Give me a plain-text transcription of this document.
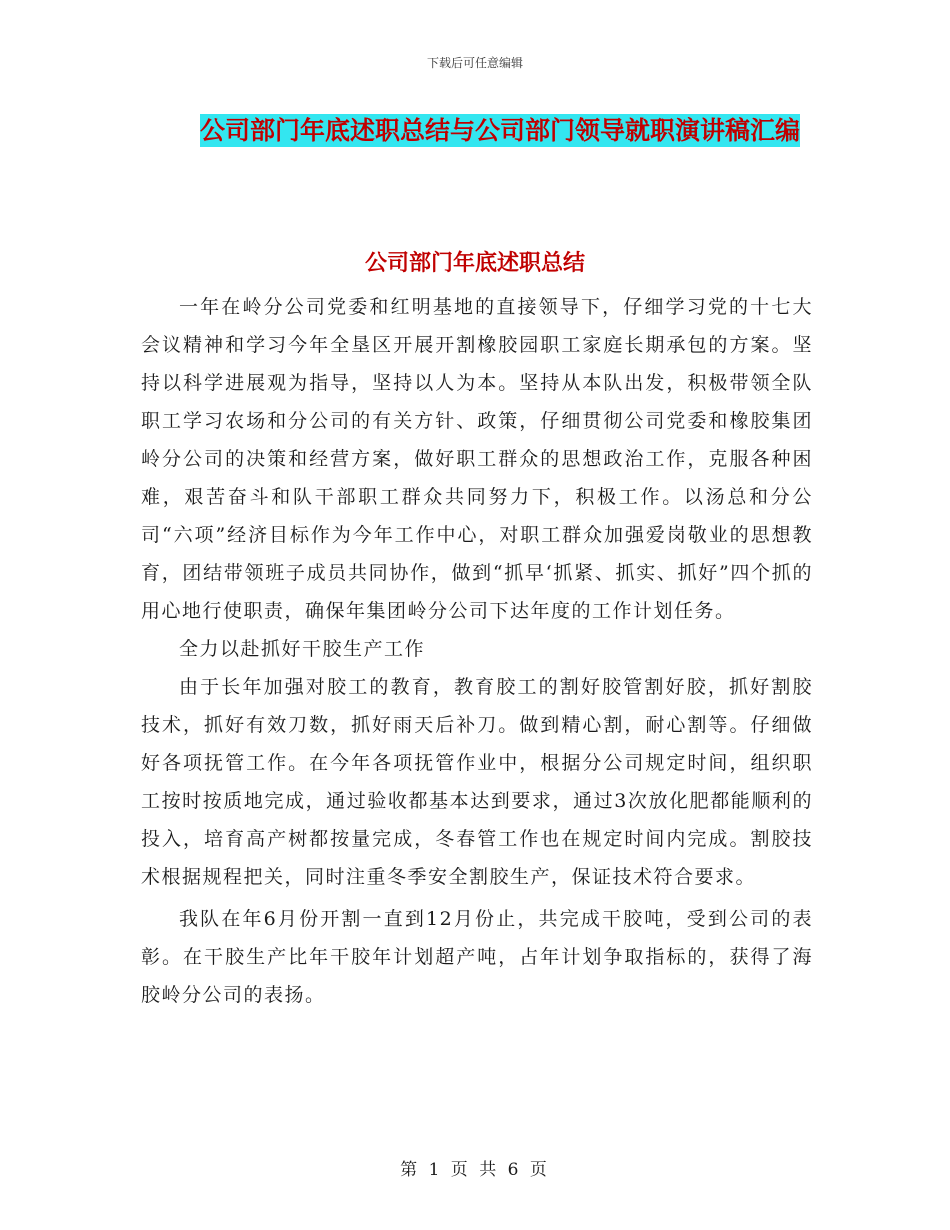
下载后可任意编辑
公司部门年底述职总结与公司部门领导就职演讲稿汇编
公司部门年底述职总结

一年在岭分公司党委和红明基地的直接领导下，仔细学习党的十七大会议精神和学习今年全垦区开展开割橡胶园职工家庭长期承包的方案。坚持以科学进展观为指导，坚持以人为本。坚持从本队出发，积极带领全队职工学习农场和分公司的有关方针、政策，仔细贯彻公司党委和橡胶集团岭分公司的决策和经营方案，做好职工群众的思想政治工作，克服各种困难，艰苦奋斗和队干部职工群众共同努力下，积极工作。以汤总和分公司“六项”经济目标作为今年工作中心，对职工群众加强爱岗敬业的思想教育，团结带领班子成员共同协作，做到“抓早‘抓紧、抓实、抓好”四个抓的用心地行使职责，确保年集团岭分公司下达年度的工作计划任务。

全力以赴抓好干胶生产工作

由于长年加强对胶工的教育，教育胶工的割好胶管割好胶，抓好割胶技术，抓好有效刀数，抓好雨天后补刀。做到精心割，耐心割等。仔细做好各项抚管工作。在今年各项抚管作业中，根据分公司规定时间，组织职工按时按质地完成，通过验收都基本达到要求，通过3次放化肥都能顺利的投入，培育高产树都按量完成，冬春管工作也在规定时间内完成。割胶技术根据规程把关，同时注重冬季安全割胶生产，保证技术符合要求。

我队在年6月份开割一直到12月份止，共完成干胶吨，受到公司的表彰。在干胶生产比年干胶年计划超产吨，占年计划争取指标的，获得了海胶岭分公司的表扬。

第 1 页 共 6 页
